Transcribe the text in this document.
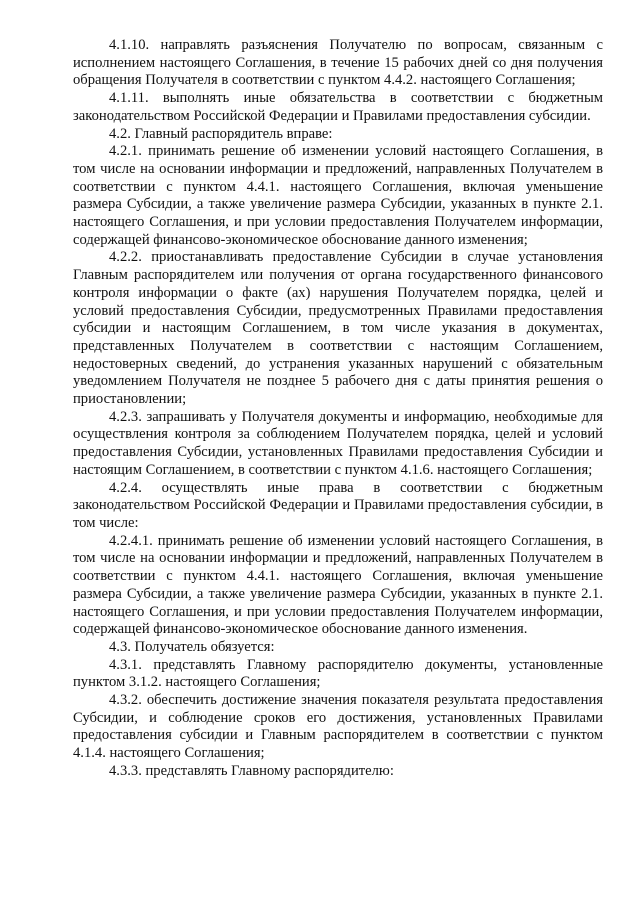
4.1.10. направлять разъяснения Получателю по вопросам, связанным с исполнением настоящего Соглашения, в течение 15 рабочих дней со дня получения обращения Получателя в соответствии с пунктом 4.4.2. настоящего Соглашения;

4.1.11. выполнять иные обязательства в соответствии с бюджетным законодательством Российской Федерации и Правилами предоставления субсидии.

4.2. Главный распорядитель вправе:

4.2.1. принимать решение об изменении условий настоящего Соглашения, в том числе на основании информации и предложений, направленных Получателем в соответствии с пунктом 4.4.1. настоящего Соглашения, включая уменьшение размера Субсидии, а также увеличение размера Субсидии, указанных в пункте 2.1. настоящего Соглашения, и при условии предоставления Получателем информации, содержащей финансово-экономическое обоснование данного изменения;

4.2.2. приостанавливать предоставление Субсидии в случае установления Главным распорядителем или получения от органа государственного финансового контроля информации о факте (ах) нарушения Получателем порядка, целей и условий предоставления Субсидии, предусмотренных Правилами предоставления субсидии и настоящим Соглашением, в том числе указания в документах, представленных Получателем в соответствии с настоящим Соглашением, недостоверных сведений, до устранения указанных нарушений с обязательным уведомлением Получателя не позднее 5 рабочего дня с даты принятия решения о приостановлении;

4.2.3. запрашивать у Получателя документы и информацию, необходимые для осуществления контроля за соблюдением Получателем порядка, целей и условий предоставления Субсидии, установленных Правилами предоставления Субсидии и настоящим Соглашением, в соответствии с пунктом 4.1.6. настоящего Соглашения;

4.2.4. осуществлять иные права в соответствии с бюджетным законодательством Российской Федерации и Правилами предоставления субсидии, в том числе:

4.2.4.1. принимать решение об изменении условий настоящего Соглашения, в том числе на основании информации и предложений, направленных Получателем в соответствии с пунктом 4.4.1. настоящего Соглашения, включая уменьшение размера Субсидии, а также увеличение размера Субсидии, указанных в пункте 2.1. настоящего Соглашения, и при условии предоставления Получателем информации, содержащей финансово-экономическое обоснование данного изменения.

4.3. Получатель обязуется:

4.3.1. представлять Главному распорядителю документы, установленные пунктом 3.1.2. настоящего Соглашения;

4.3.2. обеспечить достижение значения показателя результата предоставления Субсидии, и соблюдение сроков его достижения, установленных Правилами предоставления субсидии и Главным распорядителем в соответствии с пунктом 4.1.4. настоящего Соглашения;

4.3.3. представлять Главному распорядителю:
